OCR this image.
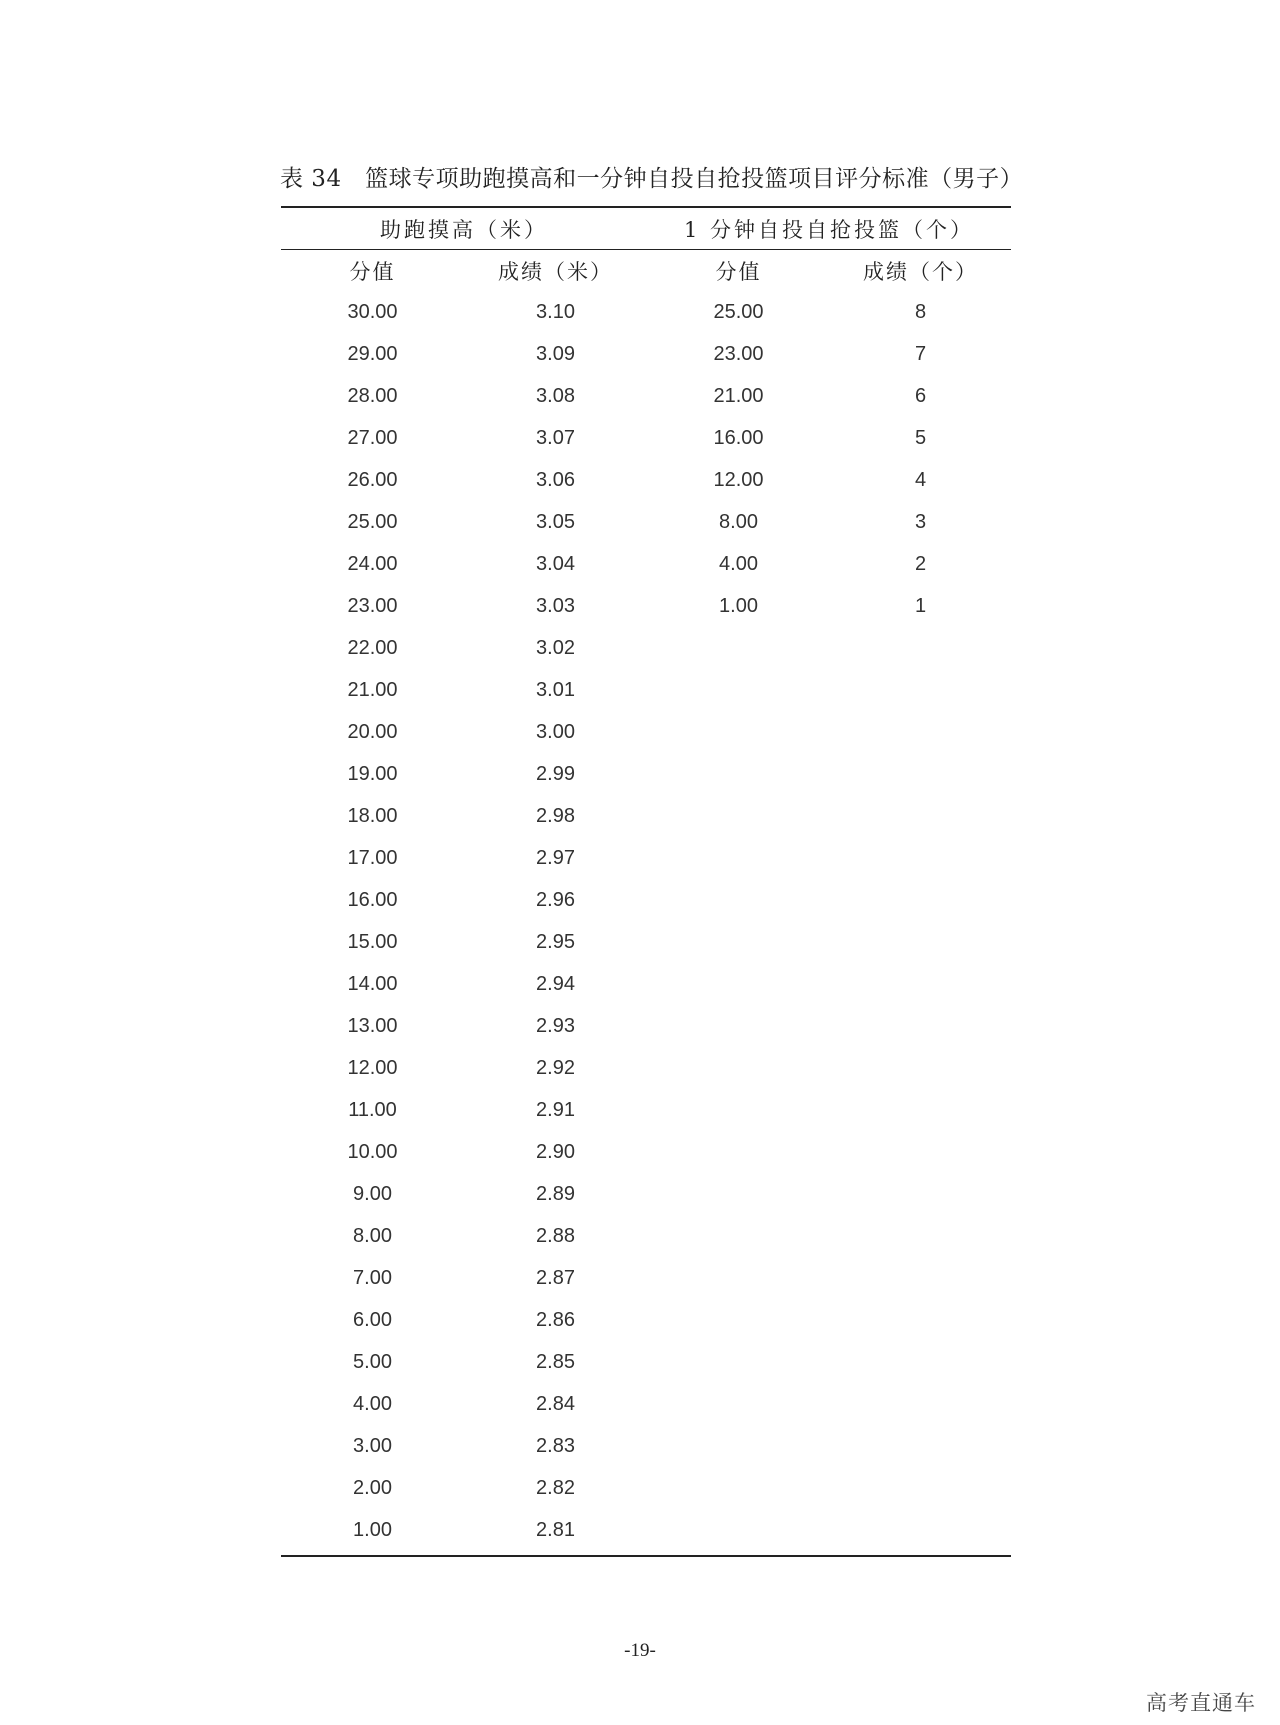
表 34　篮球专项助跑摸高和一分钟自投自抢投篮项目评分标准（男子）
助跑摸高（米）		1 分钟自投自抢投篮（个）	
分值	成绩（米）	分值	成绩（个）
30.00	3.10	25.00	8
29.00	3.09	23.00	7
28.00	3.08	21.00	6
27.00	3.07	16.00	5
26.00	3.06	12.00	4
25.00	3.05	8.00	3
24.00	3.04	4.00	2
23.00	3.03	1.00	1
22.00	3.02		
21.00	3.01		
20.00	3.00		
19.00	2.99		
18.00	2.98		
17.00	2.97		
16.00	2.96		
15.00	2.95		
14.00	2.94		
13.00	2.93		
12.00	2.92		
11.00	2.91		
10.00	2.90		
9.00	2.89		
8.00	2.88		
7.00	2.87		
6.00	2.86		
5.00	2.85		
4.00	2.84		
3.00	2.83		
2.00	2.82		
1.00	2.81		
-19-
高考直通车
